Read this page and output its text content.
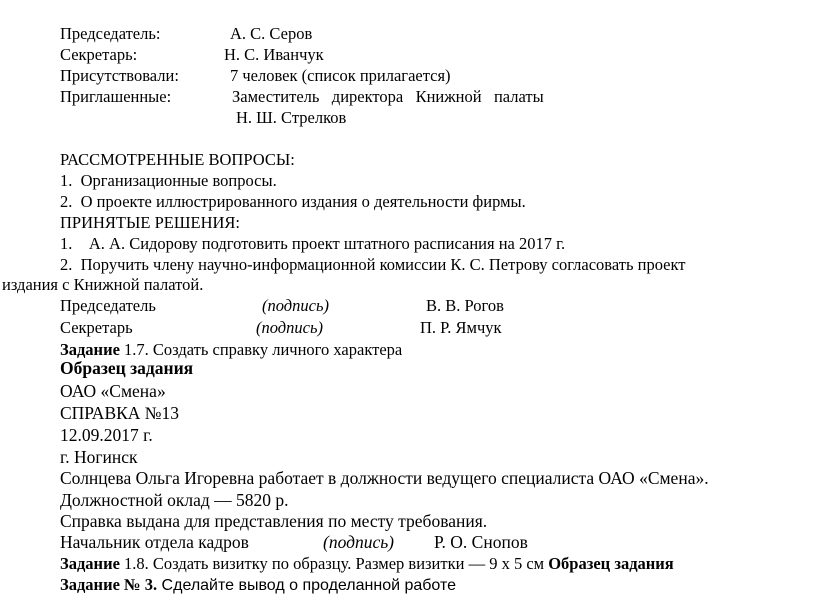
Председатель:	А. С. Серов
Секретарь:	Н. С. Иванчук
Присутствовали:	7 человек (список прилагается)
Приглашенные:	Заместитель   директора   Книжной   палаты
Н. Ш. Стрелков
РАССМОТРЕННЫЕ ВОПРОСЫ:
1.  Организационные вопросы.
2.  О проекте иллюстрированного издания о деятельности фирмы.
ПРИНЯТЫЕ РЕШЕНИЯ:
1.    А. А. Сидорову подготовить проект штатного расписания на 2017 г.
2.  Поручить члену научно-информационной комиссии К. С. Петрову согласовать проект
издания с Книжной палатой.
Председатель	(подпись)	В. В. Рогов
Секретарь	(подпись)	П. Р. Ямчук
Задание 1.7. Создать справку личного характера
Образец задания
ОАО «Смена»
СПРАВКА №13
12.09.2017 г.
г. Ногинск
Солнцева Ольга Игоревна работает в должности ведущего специалиста ОАО «Смена».
Должностной оклад — 5820 р.
Справка выдана для представления по месту требования.
Начальник отдела кадров	(подпись) Р. О. Снопов
Задание 1.8. Создать визитку по образцу. Размер визитки — 9 х 5 см Образец задания
Задание № 3. Сделайте вывод о проделанной работе
